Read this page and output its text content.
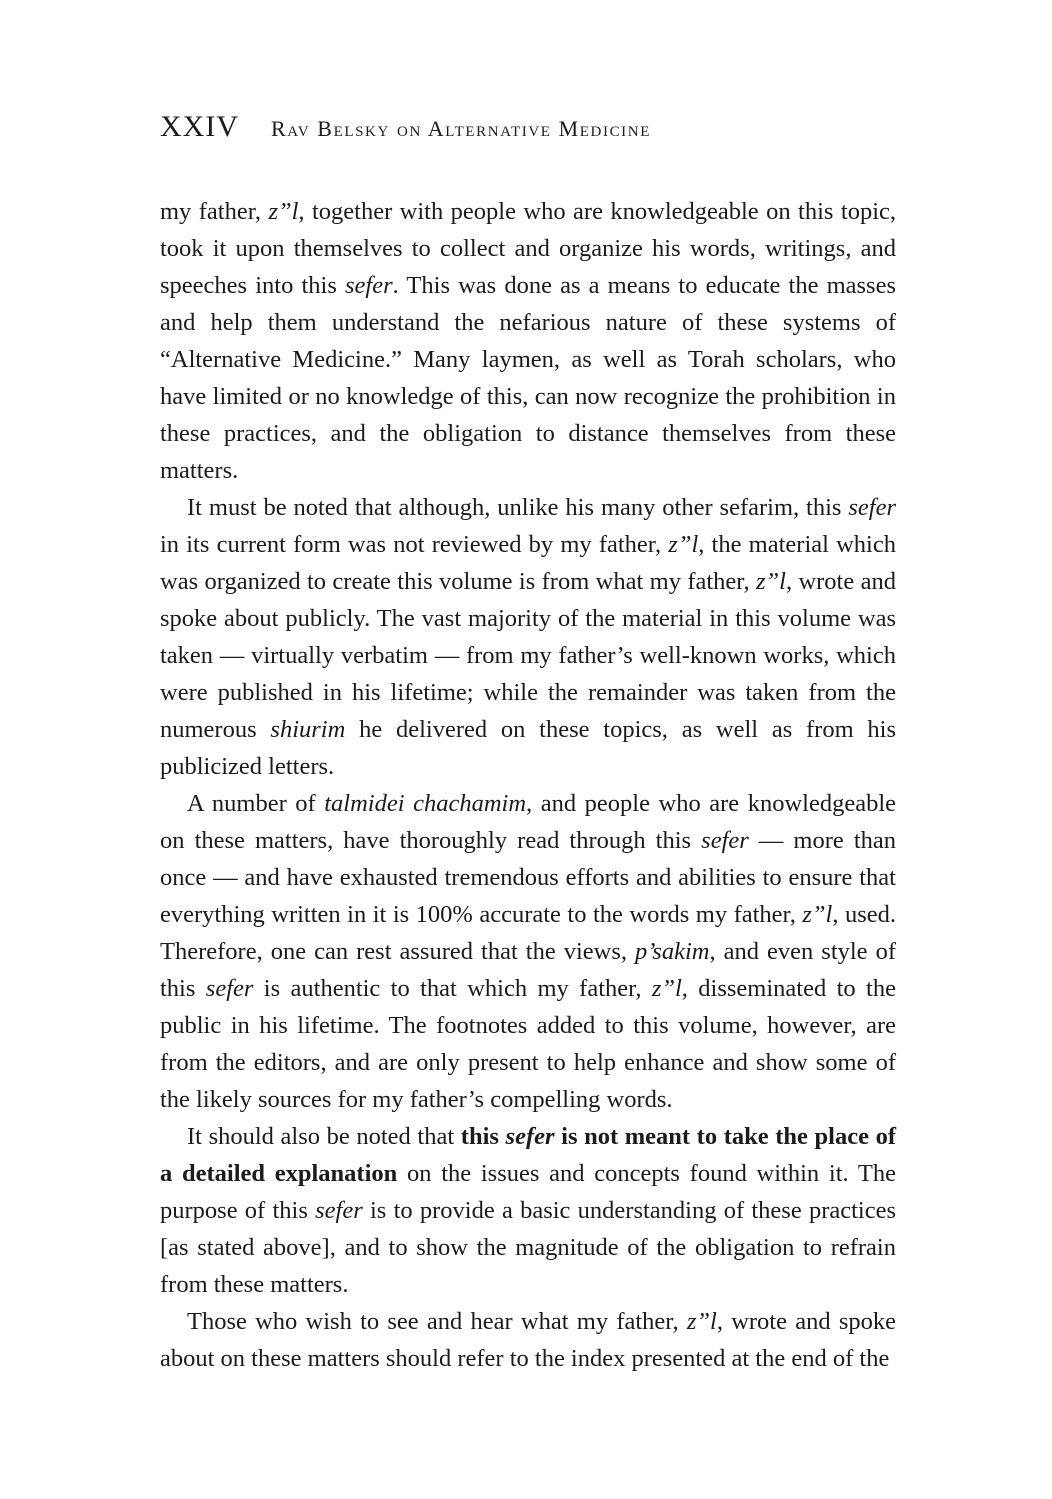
XXIV Rav Belsky on Alternative Medicine

my father, z”l, together with people who are knowledgeable on this topic, took it upon themselves to collect and organize his words, writings, and speeches into this sefer. This was done as a means to educate the masses and help them understand the nefarious nature of these systems of “Alternative Medicine.” Many laymen, as well as Torah scholars, who have limited or no knowledge of this, can now recognize the prohibition in these practices, and the obligation to distance themselves from these matters.

It must be noted that although, unlike his many other sefarim, this sefer in its current form was not reviewed by my father, z”l, the material which was organized to create this volume is from what my father, z”l, wrote and spoke about publicly. The vast majority of the material in this volume was taken — virtually verbatim — from my father’s well-known works, which were published in his lifetime; while the remainder was taken from the numerous shiurim he delivered on these topics, as well as from his publicized letters.

A number of talmidei chachamim, and people who are knowledgeable on these matters, have thoroughly read through this sefer — more than once — and have exhausted tremendous efforts and abilities to ensure that everything written in it is 100% accurate to the words my father, z”l, used. Therefore, one can rest assured that the views, p’sakim, and even style of this sefer is authentic to that which my father, z”l, disseminated to the public in his lifetime. The footnotes added to this volume, however, are from the editors, and are only present to help enhance and show some of the likely sources for my father’s compelling words.

It should also be noted that this sefer is not meant to take the place of a detailed explanation on the issues and concepts found within it. The purpose of this sefer is to provide a basic understanding of these practices [as stated above], and to show the magnitude of the obligation to refrain from these matters.

Those who wish to see and hear what my father, z”l, wrote and spoke about on these matters should refer to the index presented at the end of the
